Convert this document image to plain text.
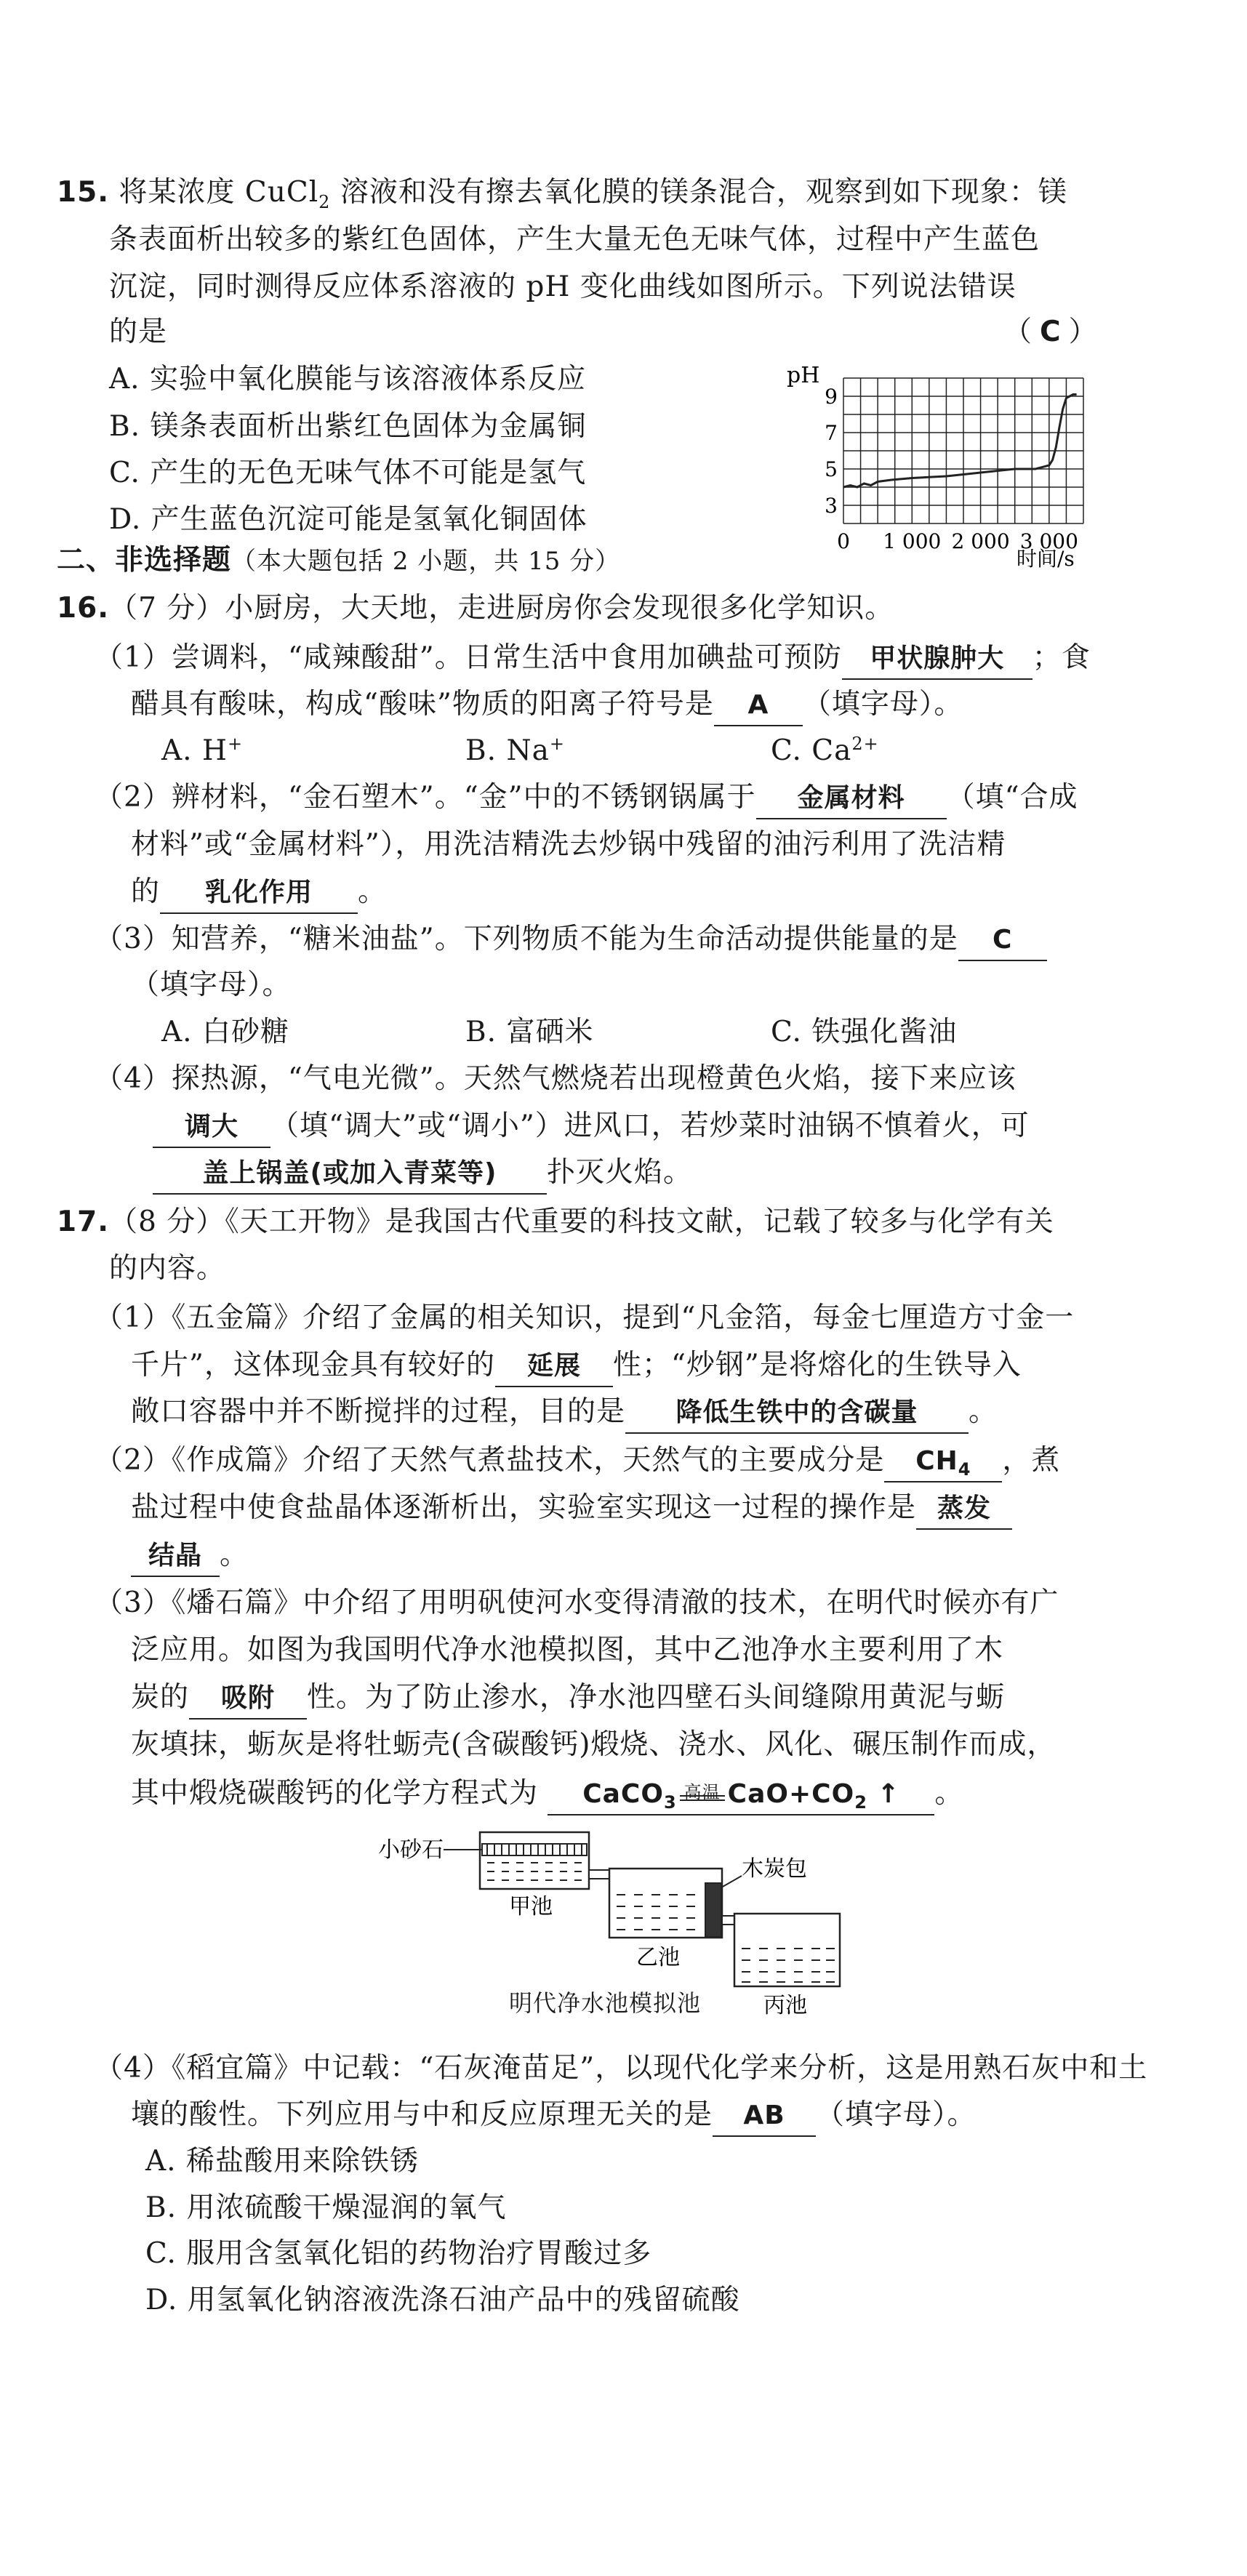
15. 将某浓度 CuCl$_2$ 溶液和没有擦去氧化膜的镁条混合，观察到如下现象：镁
条表面析出较多的紫红色固体，产生大量无色无味气体，过程中产生蓝色
沉淀，同时测得反应体系溶液的 pH 变化曲线如图所示。下列说法错误
的是	（ C ）
A. 实验中氧化膜能与该溶液体系反应
B. 镁条表面析出紫红色固体为金属铜
C. 产生的无色无味气体不可能是氢气
D. 产生蓝色沉淀可能是氢氧化铜固体
9
7
5
3
0 1 000 2 000 3 000
pH
时间/s
二、非选择题（本大题包括 2 小题，共 15 分）
16.（7 分）小厨房，大天地，走进厨房你会发现很多化学知识。
（1）尝调料，“咸辣酸甜”。日常生活中食用加碘盐可预防 甲状腺肿大 ；食
醋具有酸味，构成“酸味”物质的阳离子符号是 A （填字母）。
A. H+	B. Na+	C. $Ca^{2+}$
（2）辨材料，“金石塑木”。“金”中的不锈钢锅属于 金属材料 （填“合成
材料”或“金属材料”），用洗洁精洗去炒锅中残留的油污利用了洗洁精
的 乳化作用 。
（3）知营养，“糖米油盐”。下列物质不能为生命活动提供能量的是 C
（填字母）。
A. 白砂糖	B. 富硒米	C. 铁强化酱油
（4）探热源，“气电光微”。天然气燃烧若出现橙黄色火焰，接下来应该
调大 （填“调大”或“调小”）进风口，若炒菜时油锅不慎着火，可
盖上锅盖(或加入青菜等) 扑灭火焰。
17.（8 分）《天工开物》是我国古代重要的科技文献，记载了较多与化学有关
的内容。
（1）《五金篇》介绍了金属的相关知识，提到“凡金箔，每金七厘造方寸金一
千片”，这体现金具有较好的 延展 性；“炒钢”是将熔化的生铁导入
敞口容器中并不断搅拌的过程，目的是 降低生铁中的含碳量 。
（2）《作成篇》介绍了天然气煮盐技术，天然气的主要成分是 $CH_4$ ，煮
盐过程中使食盐晶体逐渐析出，实验室实现这一过程的操作是 蒸发
结晶 。
（3）《燔石篇》中介绍了用明矾使河水变得清澈的技术，在明代时候亦有广
泛应用。如图为我国明代净水池模拟图，其中乙池净水主要利用了木
炭的 吸附 性。为了防止渗水，净水池四壁石头间缝隙用黄泥与蛎
灰填抹，蛎灰是将牡蛎壳(含碳酸钙)煅烧、浇水、风化、碾压制作而成，
其中煅烧碳酸钙的化学方程式为 CaCO$_3$
高温 $CaO+CO_2$ ↑ 。
小砂石
甲池
木炭包
乙池
丙池
明代净水池模拟池
（4）《稻宜篇》中记载：“石灰淹苗足”，以现代化学来分析，这是用熟石灰中和土
壤的酸性。下列应用与中和反应原理无关的是 AB （填字母）。
A. 稀盐酸用来除铁锈
B. 用浓硫酸干燥湿润的氧气
C. 服用含氢氧化铝的药物治疗胃酸过多
D. 用氢氧化钠溶液洗涤石油产品中的残留硫酸
